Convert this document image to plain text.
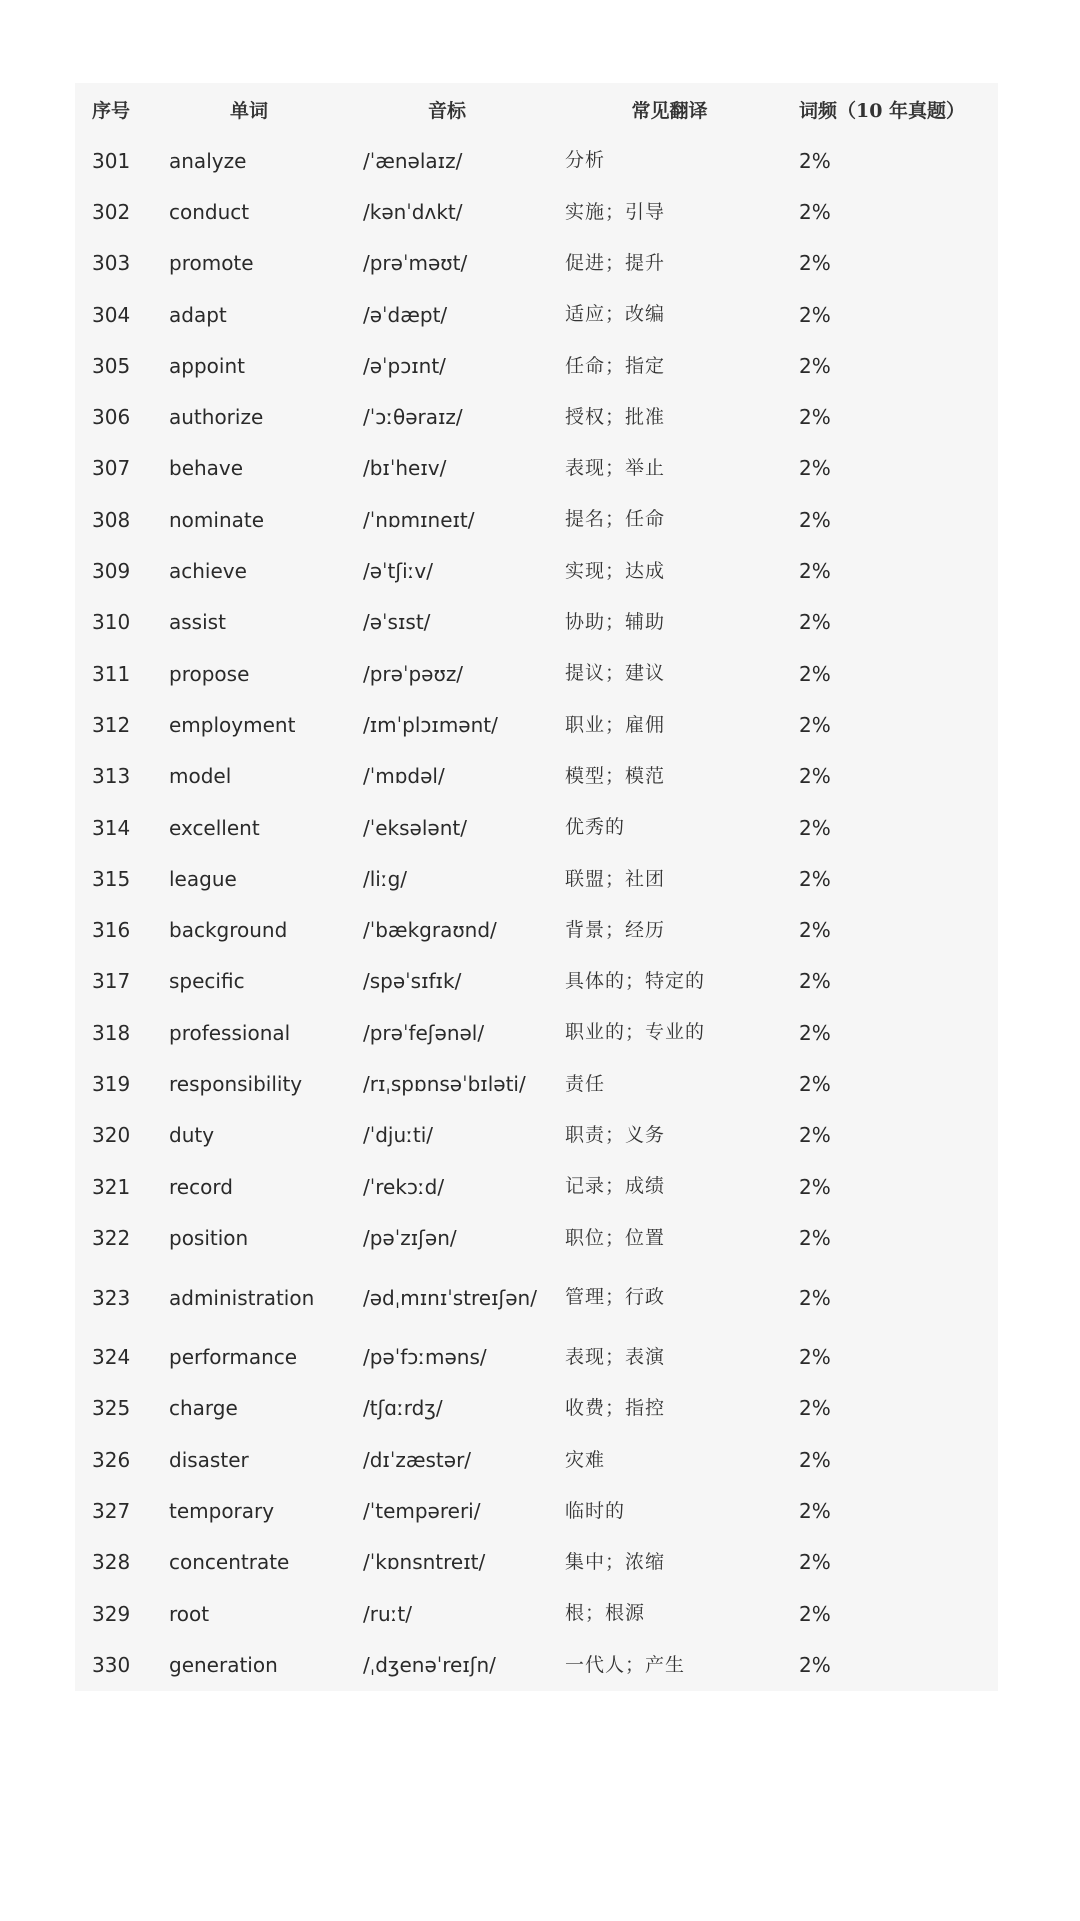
序号	单词	音标	常见翻译	词频（10 年真题）
301	analyze	/ˈænəlaɪz/	分析	2%
302	conduct	/kənˈdʌkt/	实施；引导	2%
303	promote	/prəˈməʊt/	促进；提升	2%
304	adapt	/əˈdæpt/	适应；改编	2%
305	appoint	/əˈpɔɪnt/	任命；指定	2%
306	authorize	/ˈɔːθəraɪz/	授权；批准	2%
307	behave	/bɪˈheɪv/	表现；举止	2%
308	nominate	/ˈnɒmɪneɪt/	提名；任命	2%
309	achieve	/əˈtʃiːv/	实现；达成	2%
310	assist	/əˈsɪst/	协助；辅助	2%
311	propose	/prəˈpəʊz/	提议；建议	2%
312	employment	/ɪmˈplɔɪmənt/	职业；雇佣	2%
313	model	/ˈmɒdəl/	模型；模范	2%
314	excellent	/ˈeksələnt/	优秀的	2%
315	league	/liːg/	联盟；社团	2%
316	background	/ˈbækgraʊnd/	背景；经历	2%
317	specific	/spəˈsɪfɪk/	具体的；特定的	2%
318	professional	/prəˈfeʃənəl/	职业的；专业的	2%
319	responsibility	/rɪˌspɒnsəˈbɪləti/	责任	2%
320	duty	/ˈdjuːti/	职责；义务	2%
321	record	/ˈrekɔːd/	记录；成绩	2%
322	position	/pəˈzɪʃən/	职位；位置	2%
323	administration	/ədˌmɪnɪˈstreɪʃən/	管理；行政	2%
324	performance	/pəˈfɔːməns/	表现；表演	2%
325	charge	/tʃɑːrdʒ/	收费；指控	2%
326	disaster	/dɪˈzæstər/	灾难	2%
327	temporary	/ˈtempəreri/	临时的	2%
328	concentrate	/ˈkɒnsntreɪt/	集中；浓缩	2%
329	root	/ruːt/	根；根源	2%
330	generation	/ˌdʒenəˈreɪʃn/	一代人；产生	2%
